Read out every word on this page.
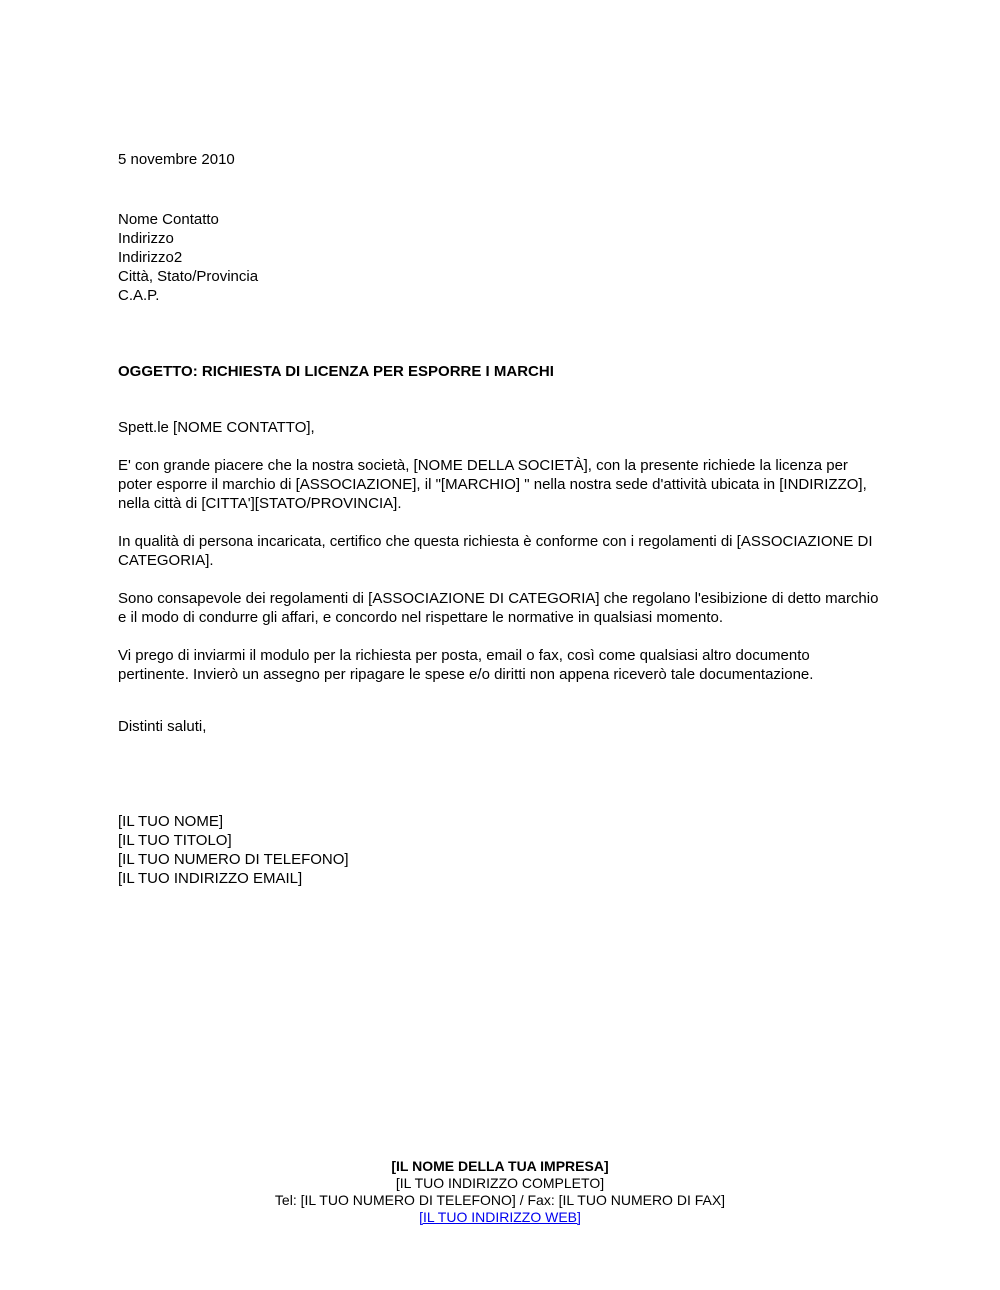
5 novembre 2010
Nome Contatto
Indirizzo
Indirizzo2
Città, Stato/Provincia
C.A.P.
OGGETTO: RICHIESTA DI LICENZA PER ESPORRE I MARCHI
Spett.le [NOME CONTATTO],
E' con grande piacere che la nostra società, [NOME DELLA SOCIETÀ], con la presente richiede la licenza per poter esporre il marchio di [ASSOCIAZIONE], il "[MARCHIO] " nella nostra sede d'attività ubicata in [INDIRIZZO], nella città di [CITTA'][STATO/PROVINCIA].
In qualità di persona incaricata, certifico che questa richiesta è conforme con i regolamenti di [ASSOCIAZIONE DI CATEGORIA].
Sono consapevole dei regolamenti di [ASSOCIAZIONE DI CATEGORIA] che regolano l'esibizione di detto marchio e il modo di condurre gli affari, e concordo nel rispettare le normative in qualsiasi momento.
Vi prego di inviarmi il modulo per la richiesta per posta, email o fax, così come qualsiasi altro documento pertinente. Invierò un assegno per ripagare le spese e/o diritti non appena riceverò tale documentazione.
Distinti saluti,
[IL TUO NOME]
[IL TUO TITOLO]
[IL TUO NUMERO DI TELEFONO]
[IL TUO INDIRIZZO EMAIL]
[IL NOME DELLA TUA IMPRESA]
[IL TUO INDIRIZZO COMPLETO]
Tel: [IL TUO NUMERO DI TELEFONO] / Fax: [IL TUO NUMERO DI FAX]
[IL TUO INDIRIZZO WEB]
